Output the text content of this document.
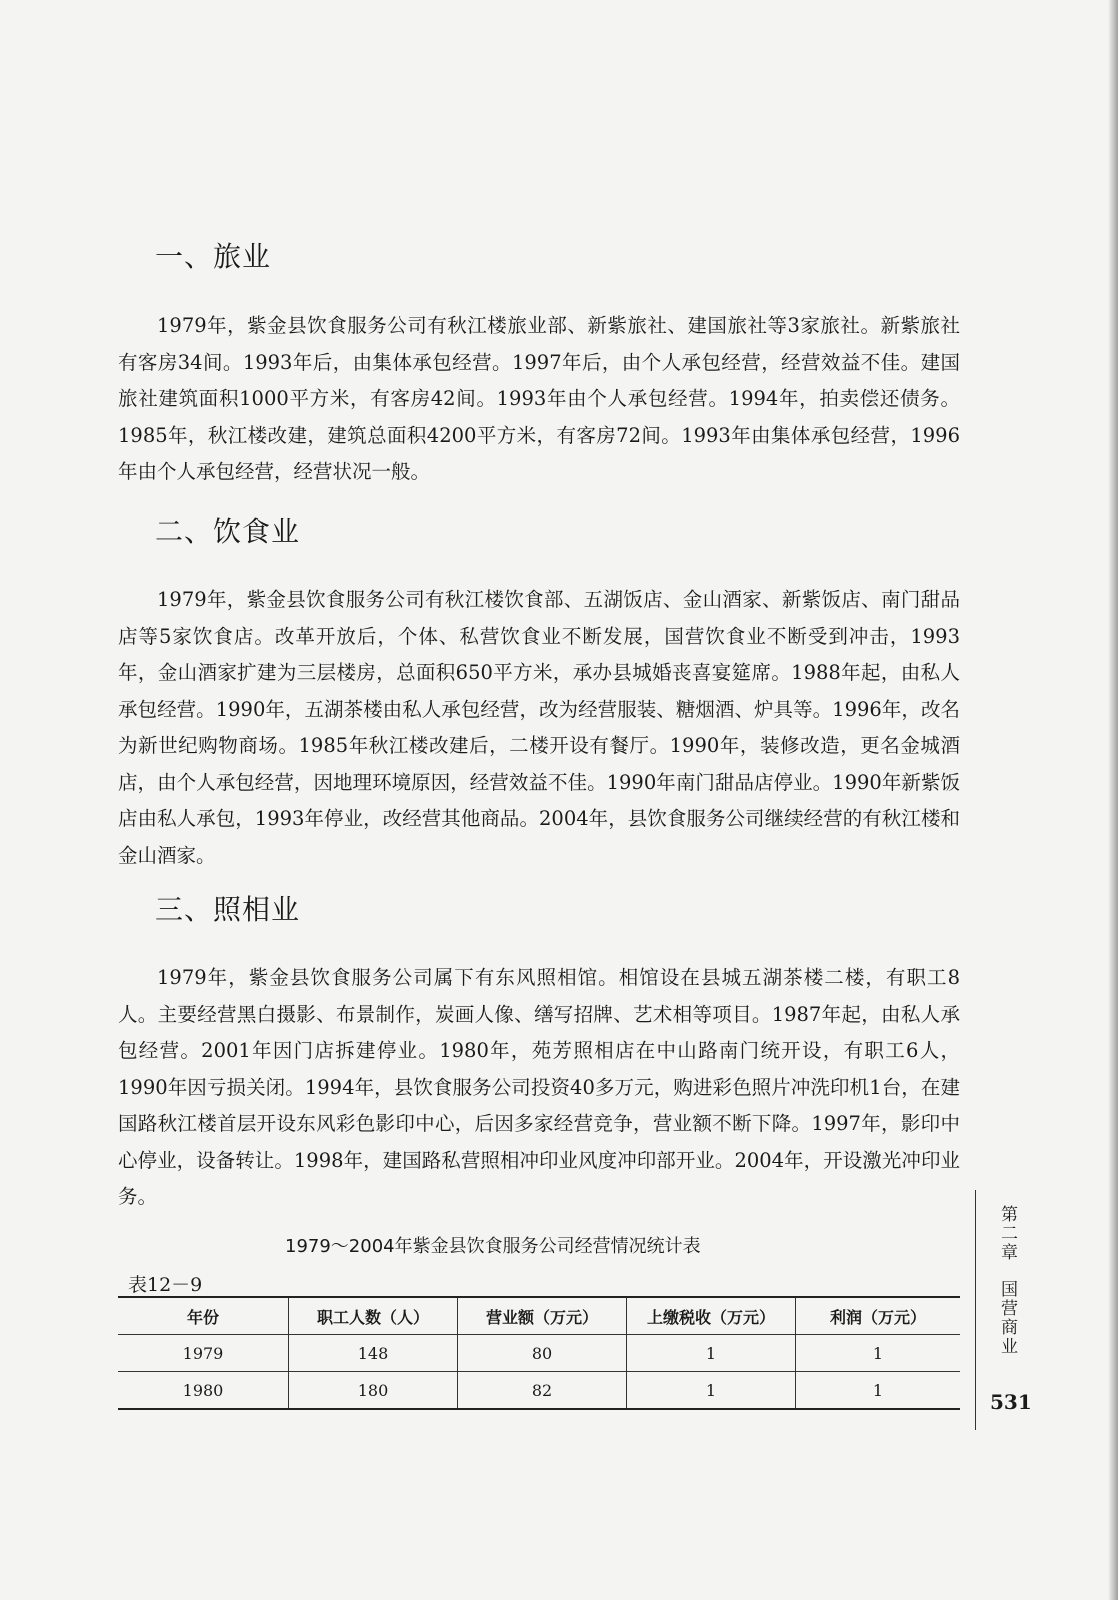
一、旅业

1979年，紫金县饮食服务公司有秋江楼旅业部、新紫旅社、建国旅社等3家旅社。新紫旅社有客房34间。1993年后，由集体承包经营。1997年后，由个人承包经营，经营效益不佳。建国旅社建筑面积1000平方米，有客房42间。1993年由个人承包经营。1994年，拍卖偿还债务。1985年，秋江楼改建，建筑总面积4200平方米，有客房72间。1993年由集体承包经营，1996年由个人承包经营，经营状况一般。

二、饮食业

1979年，紫金县饮食服务公司有秋江楼饮食部、五湖饭店、金山酒家、新紫饭店、南门甜品店等5家饮食店。改革开放后，个体、私营饮食业不断发展，国营饮食业不断受到冲击，1993年，金山酒家扩建为三层楼房，总面积650平方米，承办县城婚丧喜宴筵席。1988年起，由私人承包经营。1990年，五湖茶楼由私人承包经营，改为经营服装、糖烟酒、炉具等。1996年，改名为新世纪购物商场。1985年秋江楼改建后，二楼开设有餐厅。1990年，装修改造，更名金城酒店，由个人承包经营，因地理环境原因，经营效益不佳。1990年南门甜品店停业。1990年新紫饭店由私人承包，1993年停业，改经营其他商品。2004年，县饮食服务公司继续经营的有秋江楼和金山酒家。

三、照相业

1979年，紫金县饮食服务公司属下有东风照相馆。相馆设在县城五湖茶楼二楼，有职工8人。主要经营黑白摄影、布景制作，炭画人像、缮写招牌、艺术相等项目。1987年起，由私人承包经营。2001年因门店拆建停业。1980年，苑芳照相店在中山路南门统开设，有职工6人，1990年因亏损关闭。1994年，县饮食服务公司投资40多万元，购进彩色照片冲洗印机1台，在建国路秋江楼首层开设东风彩色影印中心，后因多家经营竞争，营业额不断下降。1997年，影印中心停业，设备转让。1998年，建国路私营照相冲印业风度冲印部开业。2004年，开设激光冲印业务。

1979～2004年紫金县饮食服务公司经营情况统计表

表12－9

年份	职工人数（人）	营业额（万元）	上缴税收（万元）	利润（万元）
1979	148	80	1	1
1980	180	82	1	1
第二章国营商业

531
